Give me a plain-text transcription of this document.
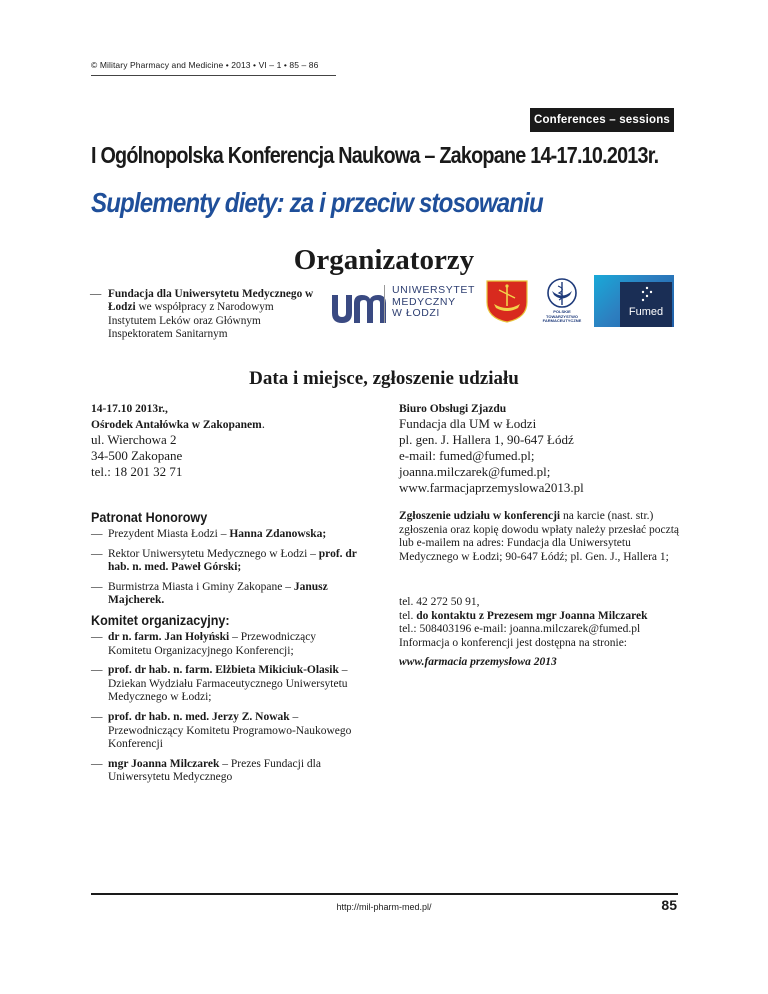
© Military Pharmacy and Medicine • 2013 • VI – 1 • 85 – 86
Conferences – sessions
I Ogólnopolska Konferencja Naukowa – Zakopane 14-17.10.2013r.
Suplementy diety: za i przeciw stosowaniu
Organizatorzy
— Fundacja dla Uniwersytetu Medycznego w Łodzi we współpracy z Narodowym Instytutem Leków oraz Głównym Inspektoratem Sanitarnym
UNIWERSYTET
MEDYCZNY
W ŁODZI	POLSKIE TOWARZYSTWO FARMACEUTYCZNE
Fumed
Data i miejsce, zgłoszenie udziału
14-17.10 2013r.,
Ośrodek Antałówka w Zakopanem.
ul. Wierchowa 2
34-500 Zakopane
tel.: 18 201 32 71
Biuro Obsługi Zjazdu
Fundacja dla UM w Łodzi
pl. gen. J. Hallera 1, 90-647 Łódź
e-mail: fumed@fumed.pl;
joanna.milczarek@fumed.pl;
www.farmacjaprzemyslowa2013.pl
Patronat Honorowy
— Prezydent Miasta Łodzi – Hanna Zdanowska;
— Rektor Uniwersytetu Medycznego w Łodzi – prof. dr hab. n. med. Paweł Górski;
— Burmistrza Miasta i Gminy Zakopane – Janusz Majcherek.
Komitet organizacyjny:
— dr n. farm. Jan Hołyński – Przewodniczący Komitetu Organizacyjnego Konferencji;
— prof. dr hab. n. farm. Elżbieta Mikiciuk-Olasik – Dziekan Wydziału Farmaceutycznego Uniwersytetu Medycznego w Łodzi;
— prof. dr hab. n. med. Jerzy Z. Nowak – Przewodniczący Komitetu Programowo-Naukowego Konferencji
— mgr Joanna Milczarek – Prezes Fundacji dla Uniwersytetu Medycznego
Zgłoszenie udziału w konferencji na karcie (nast. str.) zgłoszenia oraz kopię dowodu wpłaty należy przesłać pocztą lub e-mailem na adres: Fundacja dla Uniwersytetu Medycznego w Łodzi; 90-647 Łódź; pl. Gen. J., Hallera 1;
tel. 42 272 50 91,
tel. do kontaktu z Prezesem mgr Joanna Milczarek
tel.: 508403196 e-mail: joanna.milczarek@fumed.pl
Informacja o konferencji jest dostępna na stronie:
www.farmacia przemysłowa 2013
http://mil-pharm-med.pl/	85
